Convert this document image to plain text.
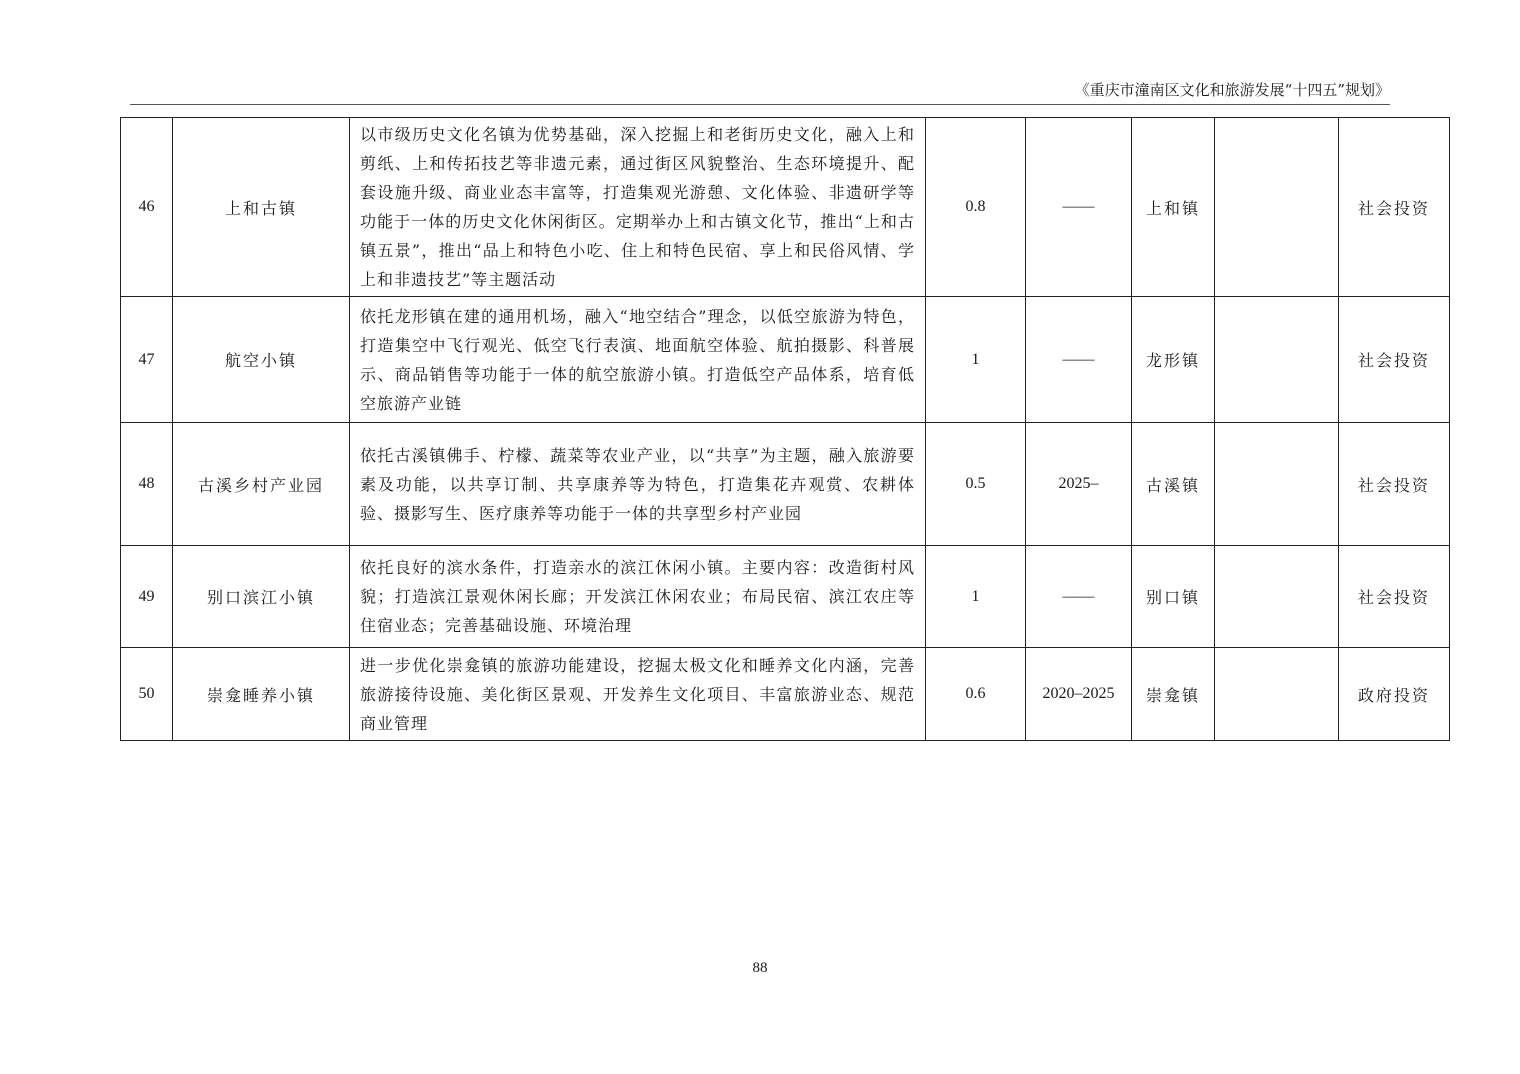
《重庆市潼南区文化和旅游发展“十四五”规划》
46	上和古镇	以市级历史文化名镇为优势基础，深入挖掘上和老街历史文化，融入上和剪纸、上和传拓技艺等非遗元素，通过街区风貌整治、生态环境提升、配套设施升级、商业业态丰富等，打造集观光游憩、文化体验、非遗研学等功能于一体的历史文化休闲街区。定期举办上和古镇文化节，推出“上和古镇五景”，推出“品上和特色小吃、住上和特色民宿、享上和民俗风情、学上和非遗技艺”等主题活动	0.8	——	上和镇		社会投资
47	航空小镇	依托龙形镇在建的通用机场，融入“地空结合”理念，以低空旅游为特色，打造集空中飞行观光、低空飞行表演、地面航空体验、航拍摄影、科普展示、商品销售等功能于一体的航空旅游小镇。打造低空产品体系，培育低空旅游产业链	1	——	龙形镇		社会投资
48	古溪乡村产业园	依托古溪镇佛手、柠檬、蔬菜等农业产业，以“共享”为主题，融入旅游要素及功能，以共享订制、共享康养等为特色，打造集花卉观赏、农耕体验、摄影写生、医疗康养等功能于一体的共享型乡村产业园	0.5	2025–	古溪镇		社会投资
49	别口滨江小镇	依托良好的滨水条件，打造亲水的滨江休闲小镇。主要内容：改造街村风貌；打造滨江景观休闲长廊；开发滨江休闲农业；布局民宿、滨江农庄等住宿业态；完善基础设施、环境治理	1	——	别口镇		社会投资
50	崇龛睡养小镇	进一步优化崇龛镇的旅游功能建设，挖掘太极文化和睡养文化内涵，完善旅游接待设施、美化街区景观、开发养生文化项目、丰富旅游业态、规范商业管理	0.6	2020–2025	崇龛镇		政府投资
88
